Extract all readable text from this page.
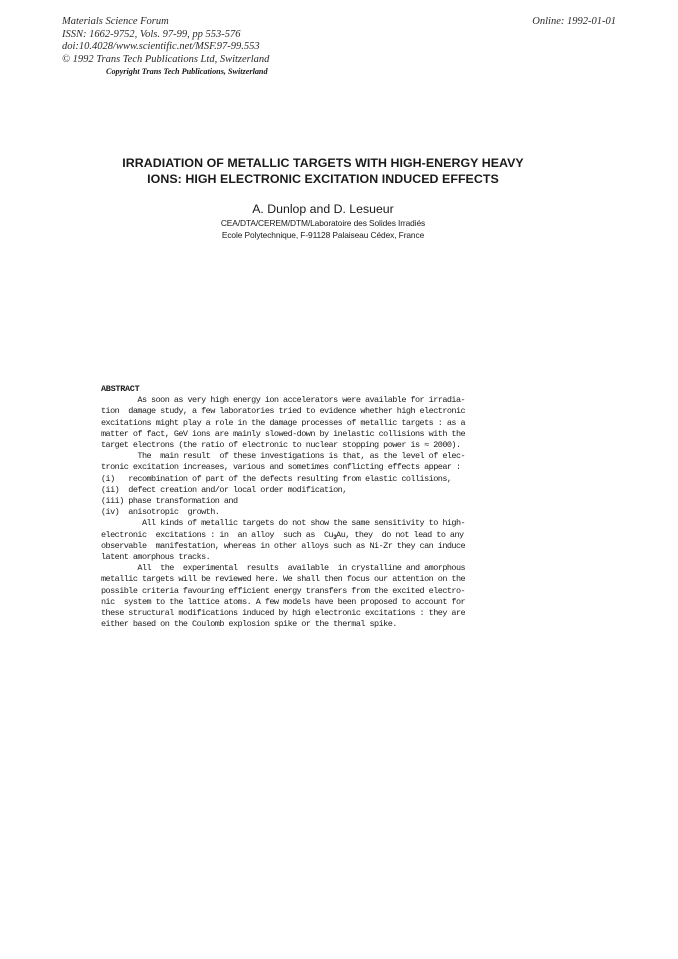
Materials Science Forum
ISSN: 1662-9752, Vols. 97-99, pp 553-576
doi:10.4028/www.scientific.net/MSF.97-99.553
© 1992 Trans Tech Publications Ltd, Switzerland
Online: 1992-01-01
Copyright Trans Tech Publications, Switzerland
IRRADIATION OF METALLIC TARGETS WITH HIGH-ENERGY HEAVY
IONS: HIGH ELECTRONIC EXCITATION INDUCED EFFECTS
A. Dunlop and D. Lesueur
CEA/DTA/CEREM/DTM/Laboratoire des Solides Irradiés
Ecole Polytechnique, F-91128 Palaiseau Cédex, France
ABSTRACT
As soon as very high energy ion accelerators were available for irradia-
tion  damage study, a few laboratories tried to evidence whether high electronic
excitations might play a role in the damage processes of metallic targets : as a
matter of fact, GeV ions are mainly slowed-down by inelastic collisions with the
target electrons (the ratio of electronic to nuclear stopping power is ≈ 2000).
The  main result  of these investigations is that, as the level of elec-
tronic excitation increases, various and sometimes conflicting effects appear :
(i)   recombination of part of the defects resulting from elastic collisions,
(ii)  defect creation and/or local order modification,
(iii) phase transformation and
(iv)  anisotropic  growth.
All kinds of metallic targets do not show the same sensitivity to high-
electronic  excitations : in  an alloy  such as  $Cu_3Au$, they  do not lead to any
observable  manifestation, whereas in other alloys such as Ni-Zr they can induce
latent amorphous tracks.
All  the  experimental  results  available  in crystalline and amorphous
metallic targets will be reviewed here. We shall then focus our attention on the
possible criteria favouring efficient energy transfers from the excited electro-
nic  system to the lattice atoms. A few models have been proposed to account for
these structural modifications induced by high electronic excitations : they are
either based on the Coulomb explosion spike or the thermal spike.
